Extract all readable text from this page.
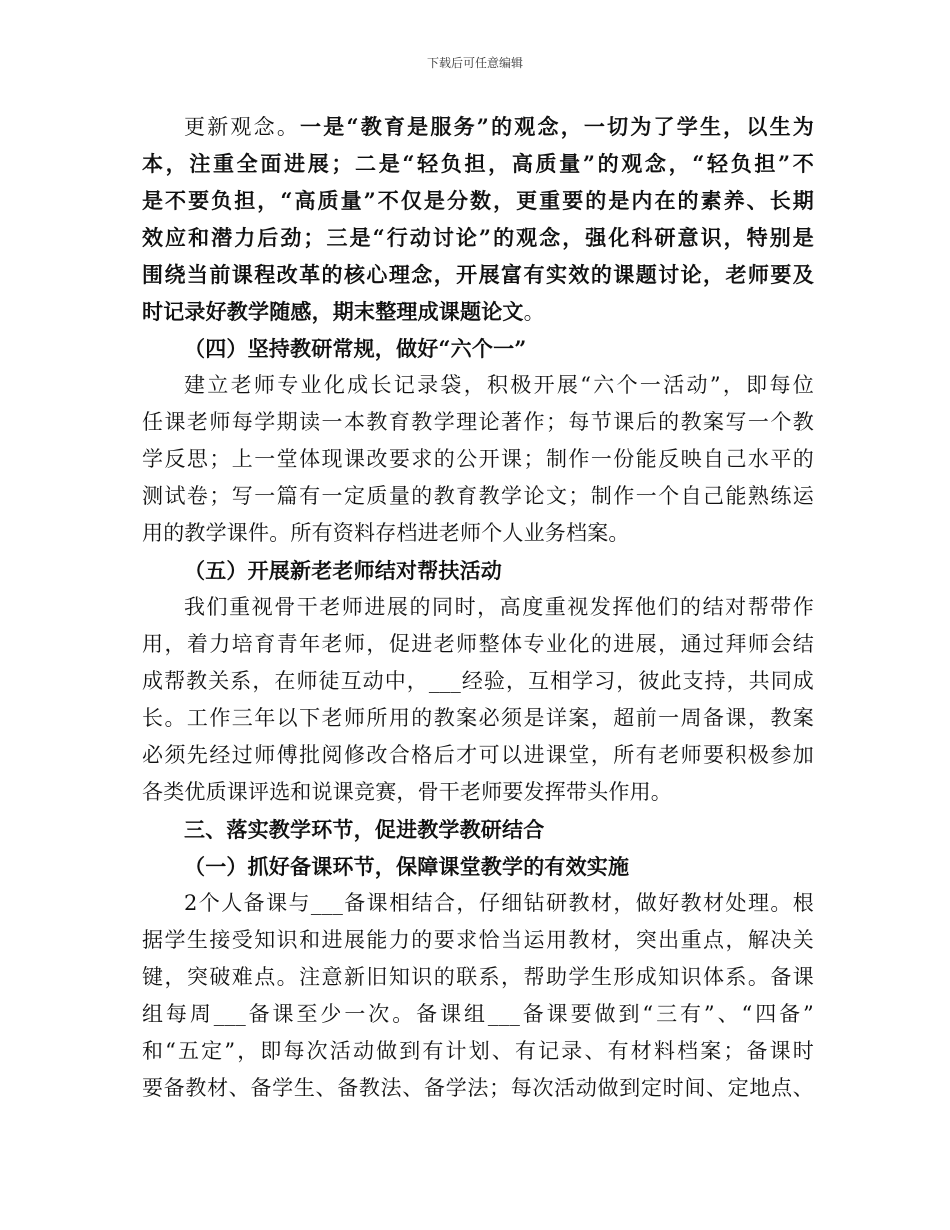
下载后可任意编辑
更新观念。一是“教育是服务”的观念，一切为了学生，以生为
本，注重全面进展；二是“轻负担，高质量”的观念，“轻负担”不
是不要负担，“高质量”不仅是分数，更重要的是内在的素养、长期
效应和潜力后劲；三是“行动讨论”的观念，强化科研意识，特别是
围绕当前课程改革的核心理念，开展富有实效的课题讨论，老师要及
时记录好教学随感，期末整理成课题论文。
（四）坚持教研常规，做好“六个一”
建立老师专业化成长记录袋，积极开展“六个一活动”，即每位
任课老师每学期读一本教育教学理论著作；每节课后的教案写一个教
学反思；上一堂体现课改要求的公开课；制作一份能反映自己水平的
测试卷；写一篇有一定质量的教育教学论文；制作一个自己能熟练运
用的教学课件。所有资料存档进老师个人业务档案。
（五）开展新老老师结对帮扶活动
我们重视骨干老师进展的同时，高度重视发挥他们的结对帮带作
用，着力培育青年老师，促进老师整体专业化的进展，通过拜师会结
成帮教关系，在师徒互动中，___经验，互相学习，彼此支持，共同成
长。工作三年以下老师所用的教案必须是详案，超前一周备课，教案
必须先经过师傅批阅修改合格后才可以进课堂，所有老师要积极参加
各类优质课评选和说课竞赛，骨干老师要发挥带头作用。
三、落实教学环节，促进教学教研结合
（一）抓好备课环节，保障课堂教学的有效实施
2个人备课与___备课相结合，仔细钻研教材，做好教材处理。根
据学生接受知识和进展能力的要求恰当运用教材，突出重点，解决关
键，突破难点。注意新旧知识的联系，帮助学生形成知识体系。备课
组每周___备课至少一次。备课组___备课要做到“三有”、“四备”
和“五定”，即每次活动做到有计划、有记录、有材料档案；备课时
要备教材、备学生、备教法、备学法；每次活动做到定时间、定地点、
